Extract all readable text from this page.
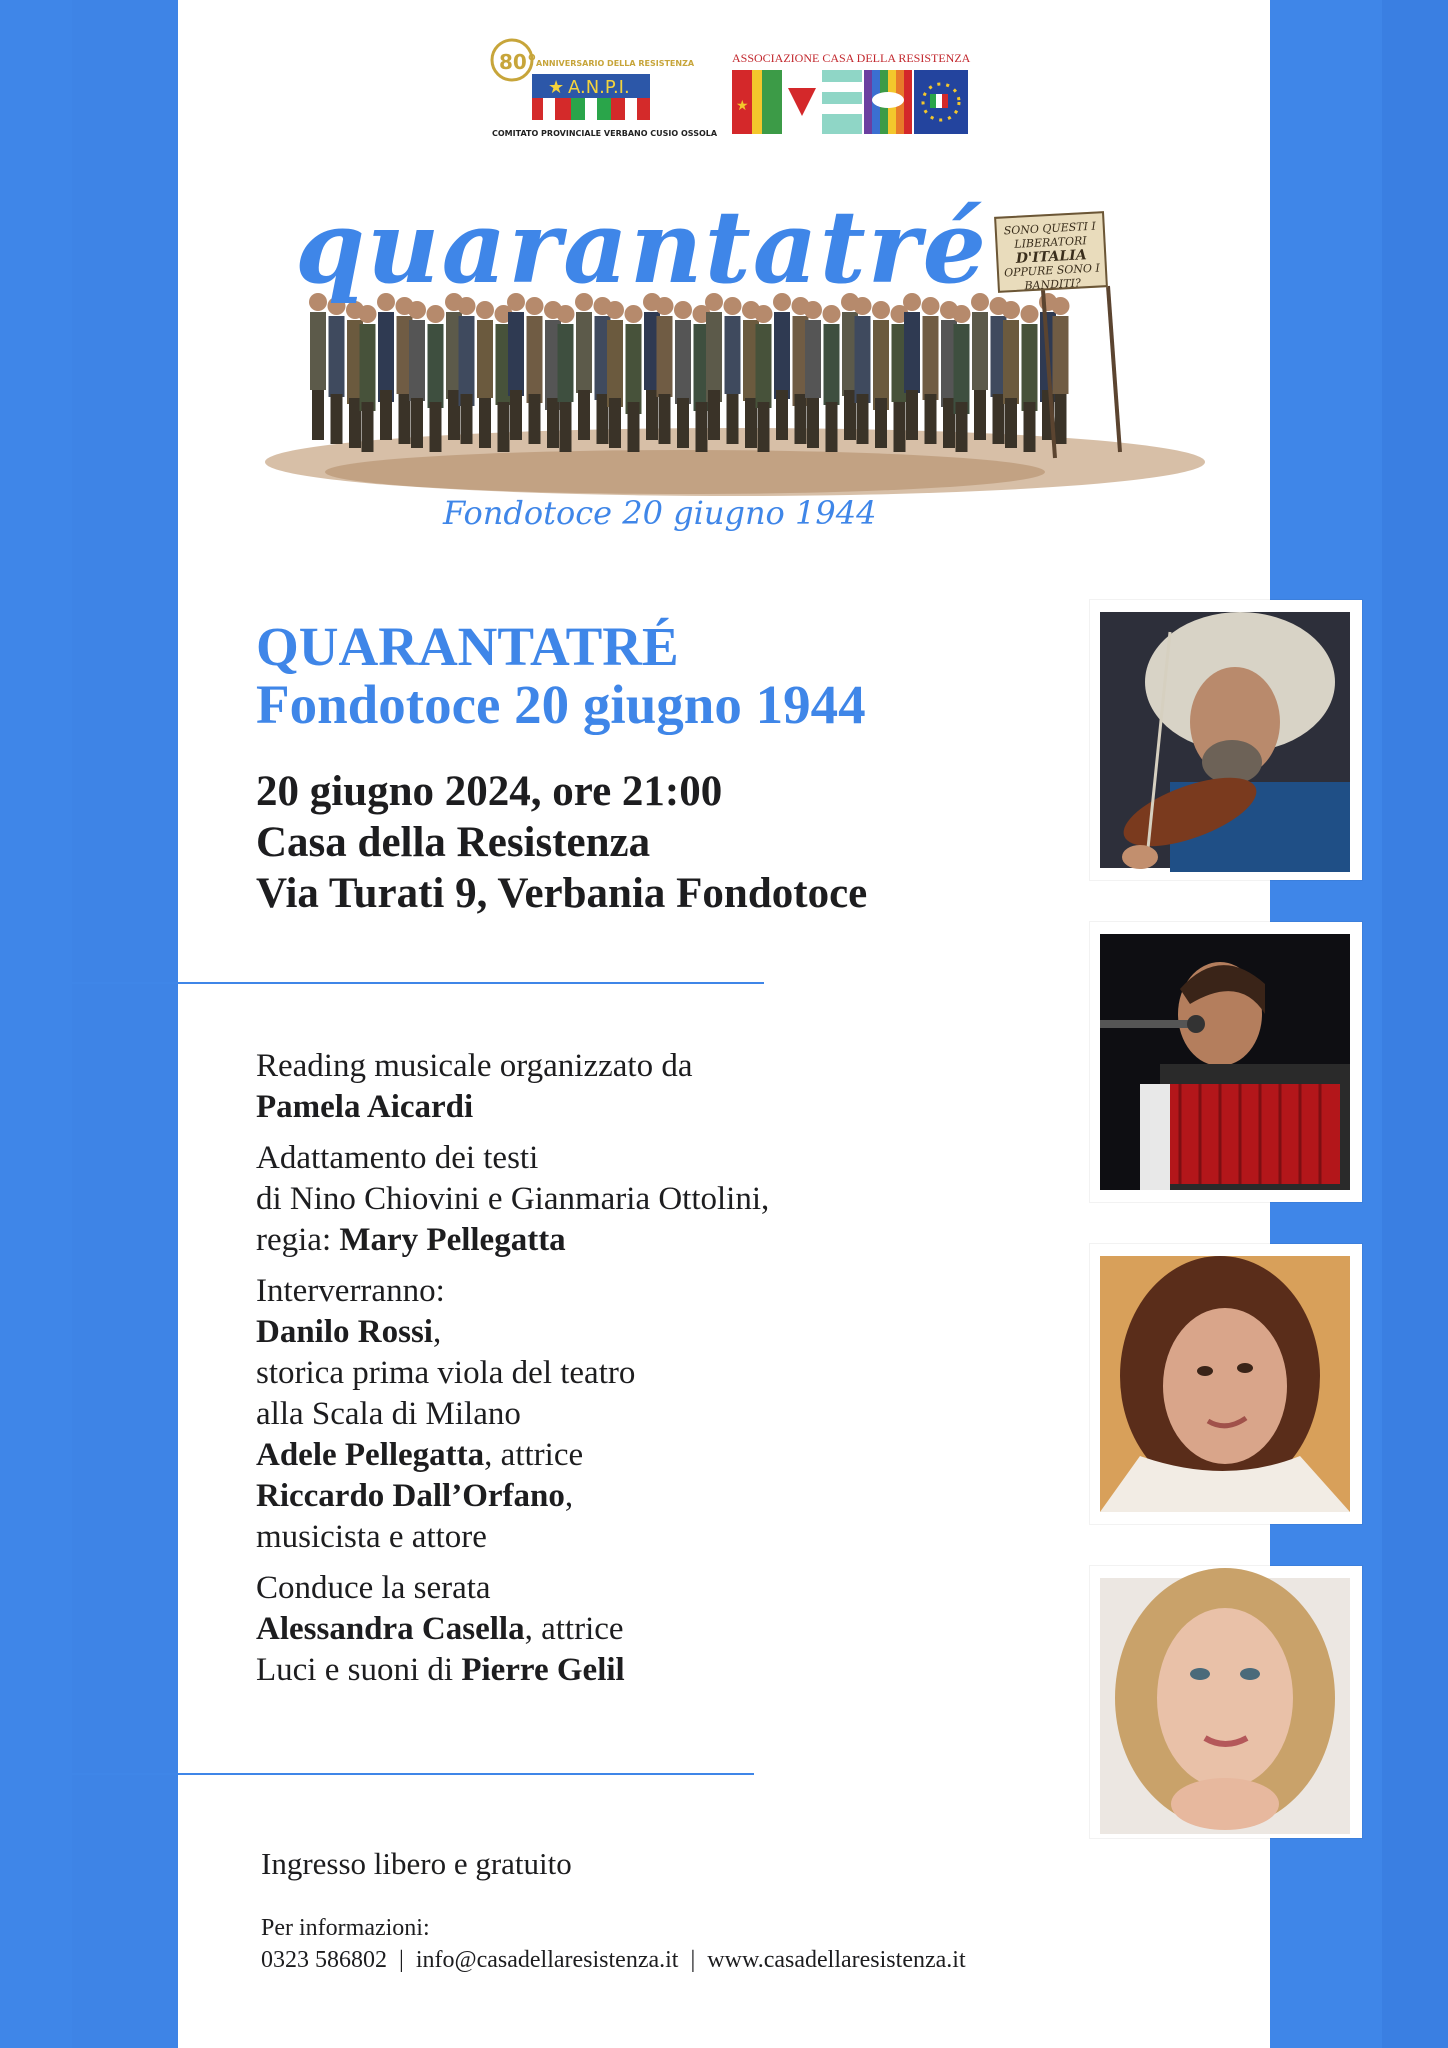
80° ANNIVERSARIO DELLA RESISTENZA
★ A.N.P.I.
COMITATO PROVINCIALE VERBANO CUSIO OSSOLA
ASSOCIAZIONE CASA DELLA RESISTENZA
★
quarantatré	SONO QUESTI I LIBERATORI
D'ITALIA
OPPURE SONO I BANDITI?
Fondotoce 20 giugno 1944
QUARANTATRÉ
Fondotoce 20 giugno 1944
20 giugno 2024, ore 21:00
Casa della Resistenza
Via Turati 9, Verbania Fondotoce

Reading musicale organizzato da
Pamela Aicardi

Adattamento dei testi
di Nino Chiovini e Gianmaria Ottolini,
regia: Mary Pellegatta

Interverranno:
Danilo Rossi,
storica prima viola del teatro
alla Scala di Milano
Adele Pellegatta, attrice
Riccardo Dall’Orfano,
musicista e attore

Conduce la serata
Alessandra Casella, attrice
Luci e suoni di Pierre Gelil

Ingresso libero e gratuito
Per informazioni:
0323 586802 | info@casadellaresistenza.it | www.casadellaresistenza.it
